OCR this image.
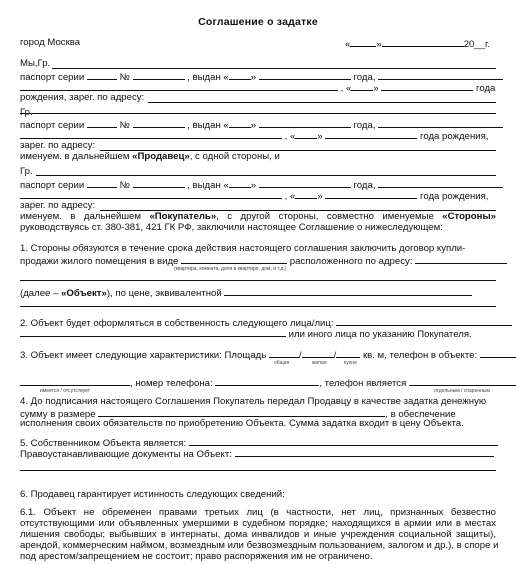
Соглашение о задатке
город Москва	«	»	20__г.
Мы,Гр.
паспорт серии	№	, выдан « »	года,
, « »	года
рождения, зарег. по адресу:
Гр.
паспорт серии	№	, выдан « »	года,
, « »	года рождения,
зарег. по адресу:
именуем. в дальнейшем «Продавец», с одной стороны, и
Гр.
паспорт серии	№	, выдан « »	года,
, « »	года рождения,
зарег. по адресу:
именуем. в дальнейшем «Покупатель», с другой стороны, совместно именуемые «Стороны»
руководствуясь ст. 380-381, 421 ГК РФ, заключили настоящее Соглашение о нижеследующем:
1. Стороны обязуются в течение срока действия настоящего соглашения заключить договор купли-
продажи жилого помещения в виде	расположенного по адресу:
(квартира, комната, доля в квартире, дом, и т.д.)
(далее – «Объект»), по цене, эквивалентной
2. Объект будет оформляться в собственность следующего лица/лиц:
или иного лица по указанию Покупателя.
3. Объект имеет следующие характеристики: Площадь	/	/	кв. м, телефон в объекте:
общая	жилая	кухня
, номер телефона:	, телефон является
имеется / отсутствует	отдельным / спаренным
4. До подписания настоящего Соглашения Покупатель передал Продавцу в качестве задатка денежную
сумму в размере	, в обеспечение
исполнения своих обязательств по приобретению Объекта. Сумма задатка входит в цену Объекта.
5. Собственником Объекта является:
Правоустанавливающие документы на Объект:
6. Продавец гарантирует истинность следующих сведений:
6.1. Объект не обременен правами третьих лиц (в частности, нет лиц, признанных безвестно
отсутствующими или объявленных умершими в судебном порядке; находящихся в армии или в местах
лишения свободы; выбывших в интернаты, дома инвалидов и иные учреждения социальной защиты),
арендой, коммерческим наймом, возмездным или безвозмездным пользованием, залогом и др.), в споре и
под арестом/запрещением не состоит; право распоряжения им не ограничено.
